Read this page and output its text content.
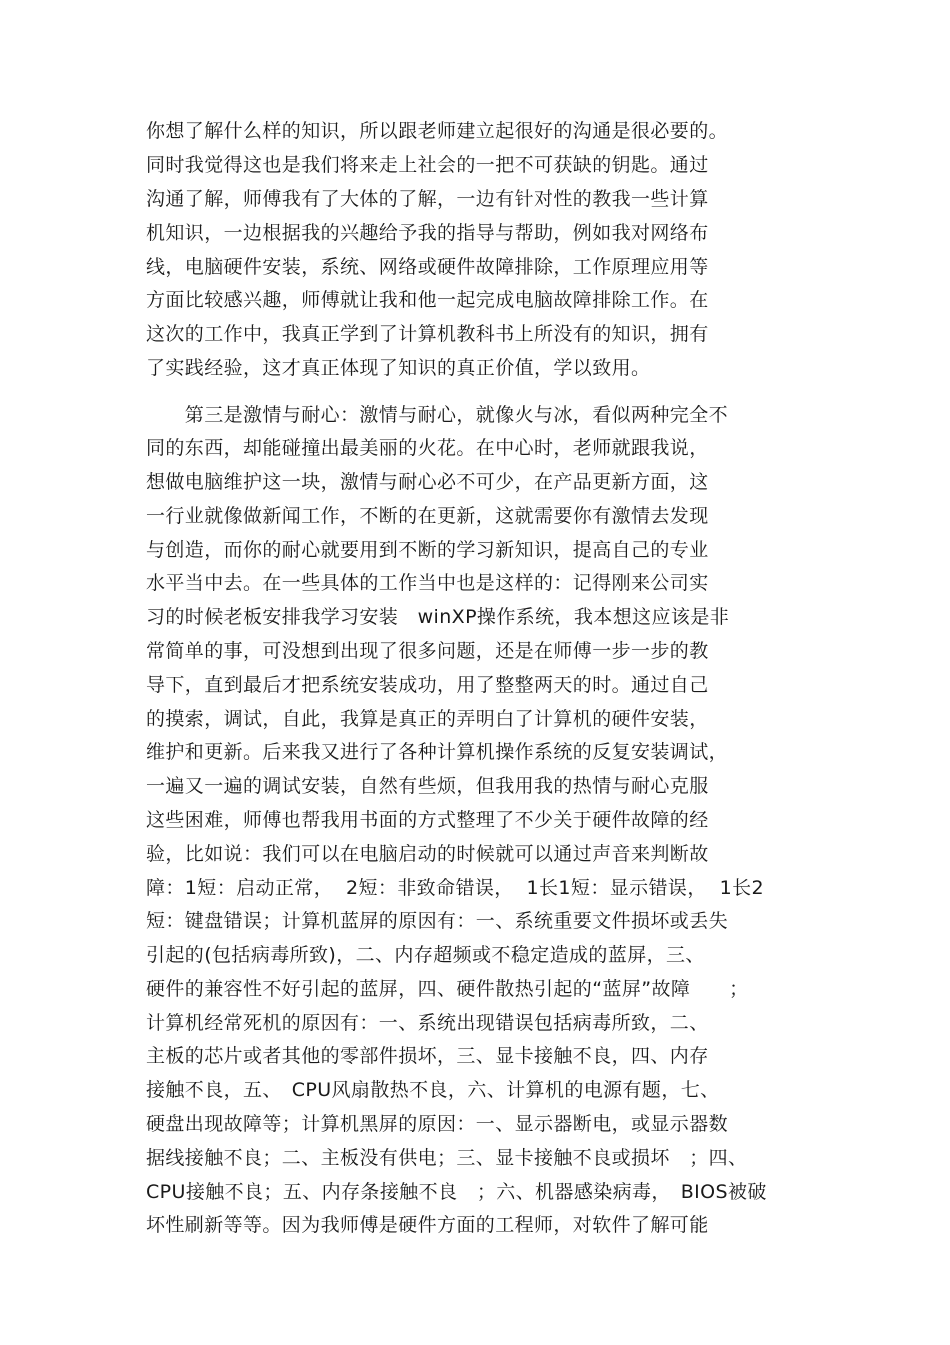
你想了解什么样的知识，所以跟老师建立起很好的沟通是很必要的。
同时我觉得这也是我们将来走上社会的一把不可获缺的钥匙。通过
沟通了解，师傅我有了大体的了解，一边有针对性的教我一些计算
机知识，一边根据我的兴趣给予我的指导与帮助，例如我对网络布
线，电脑硬件安装，系统、网络或硬件故障排除，工作原理应用等
方面比较感兴趣，师傅就让我和他一起完成电脑故障排除工作。在
这次的工作中，我真正学到了计算机教科书上所没有的知识，拥有
了实践经验，这才真正体现了知识的真正价值，学以致用。
　　第三是激情与耐心：激情与耐心，就像火与冰，看似两种完全不
同的东西，却能碰撞出最美丽的火花。在中心时，老师就跟我说，
想做电脑维护这一块，激情与耐心必不可少，在产品更新方面，这
一行业就像做新闻工作，不断的在更新，这就需要你有激情去发现
与创造，而你的耐心就要用到不断的学习新知识，提高自己的专业
水平当中去。在一些具体的工作当中也是这样的：记得刚来公司实
习的时候老板安排我学习安装　winXP操作系统，我本想这应该是非
常简单的事，可没想到出现了很多问题，还是在师傅一步一步的教
导下，直到最后才把系统安装成功，用了整整两天的时。通过自己
的摸索，调试，自此，我算是真正的弄明白了计算机的硬件安装，
维护和更新。后来我又进行了各种计算机操作系统的反复安装调试，
一遍又一遍的调试安装，自然有些烦，但我用我的热情与耐心克服
这些困难，师傅也帮我用书面的方式整理了不少关于硬件故障的经
验，比如说：我们可以在电脑启动的时候就可以通过声音来判断故
障：1短：启动正常，  2短：非致命错误，  1长1短：显示错误，  1长2
短：键盘错误；计算机蓝屏的原因有：一、系统重要文件损坏或丢失
引起的(包括病毒所致)，二、内存超频或不稳定造成的蓝屏，三、
硬件的兼容性不好引起的蓝屏，四、硬件散热引起的“蓝屏”故障　　；
计算机经常死机的原因有：一、系统出现错误包括病毒所致，二、
主板的芯片或者其他的零部件损坏，三、显卡接触不良，四、内存
接触不良，五、　CPU风扇散热不良，六、计算机的电源有题，七、
硬盘出现故障等；计算机黑屏的原因：一、显示器断电，或显示器数
据线接触不良；二、主板没有供电；三、显卡接触不良或损坏　；四、
CPU接触不良；五、内存条接触不良　；六、机器感染病毒，　BIOS被破
坏性刷新等等。因为我师傅是硬件方面的工程师，对软件了解可能
